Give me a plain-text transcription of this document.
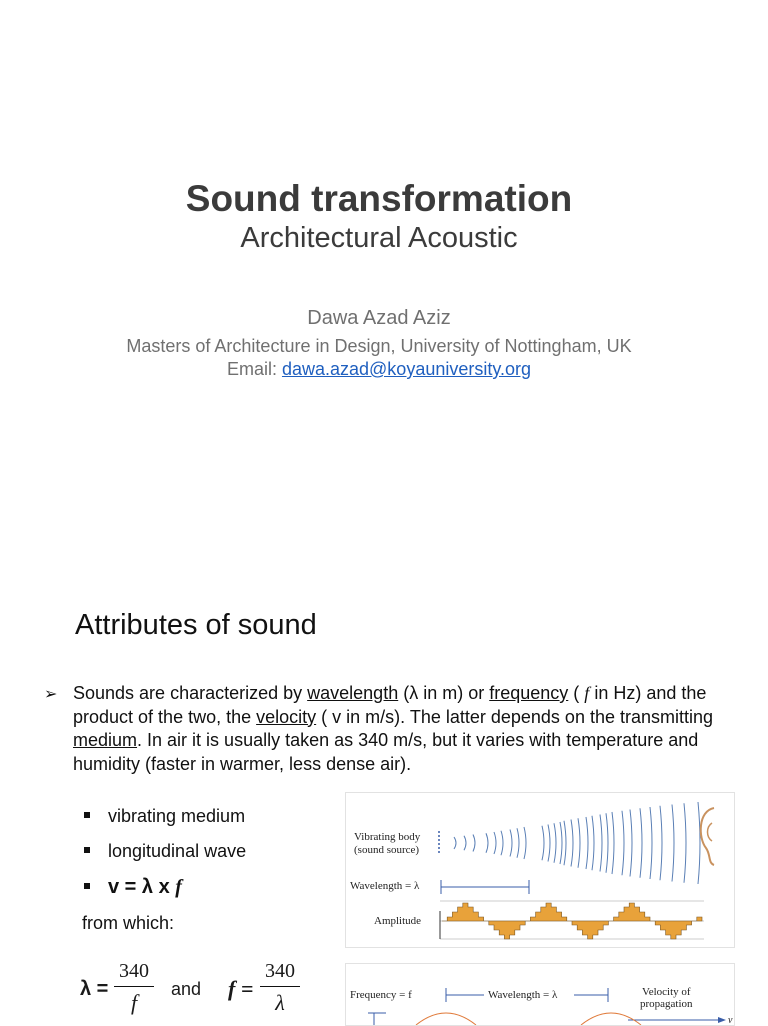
Sound transformation
Architectural Acoustic
Dawa Azad Aziz
Masters of Architecture in Design, University of Nottingham, UK
Email: dawa.azad@koyauniversity.org
Attributes of sound
➢ Sounds are characterized by wavelength (λ in m) or frequency ( f in Hz) and the product of the two, the velocity ( v in m/s). The latter depends on the transmitting medium. In air it is usually taken as 340 m/s, but it varies with temperature and humidity (faster in warmer, less dense air).
vibrating medium
longitudinal wave
v = λ x f
from which:
λ =
340
f
and f =
340
λ
Vibrating body
(sound source)
Wavelength = λ
Amplitude
Frequency = f	Wavelength = λ	Velocity of
propagation
v
